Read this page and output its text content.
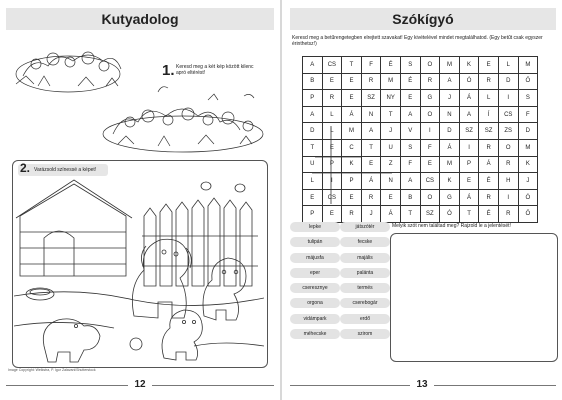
Kutyadolog
1. Keresd meg a két kép között kilenc apró eltérést!
2. Varázsold színessé a képet!
Image Copyright: Welkstra, P. Igor Zalavani/Shutterstock
12
Szókígyó
Keresd meg a betűrengetegben elrejtett szavakat! Egy kivételével mindet megtalálhatod. (Egy betűt csak egyszer érinthetsz!)
13
A	CS	T	F	É	S	O	M	K	E	L	M
B	E	E	R	M	É	R	A	Ó	R	D	Ő
P	R	E	SZ	NY	E	G	J	Á	L	I	S
A	L	Á	N	T	A	O	N	A	Í	CS	F
D	L	M	A	J	V	I	D	SZ	SZ	ZS	D
T	E	C	T	U	S	F	Á	I	R	O	M
U	P	K	E	Z	F	E	M	P	Á	R	K
L	I	P	Á	N	A	CS	K	E	É	H	J
E	CS	E	R	E	B	O	G	Á	R	I	Ó
P	E	R	J	Á	T	SZ	Ó	T	É	R	Ő
lepke	játszótér
tulipán	fecske
májusfa	majális
eper	palánta
cseresznye	termés
orgona	cserebogár
vidámpark	erdő
méhecske	szirom
Melyik szót nem találtad meg? Rajzold le a jelentését!
